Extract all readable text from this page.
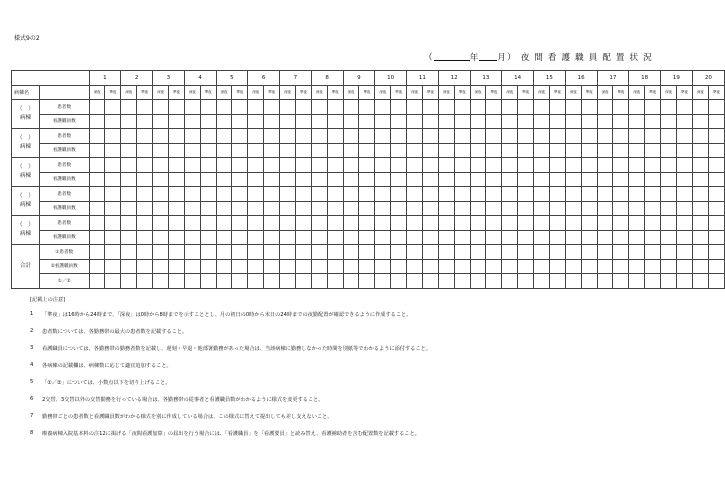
様式9の2
（	年 月） 夜 間 看 護 職 員 配 置 状 況
		1		2		3		4		5		6		7		8		9		10		11		12		13		14		15		16		17		18		19		20	
病棟名		深夜	準夜	深夜	準夜	深夜	準夜	深夜	準夜	深夜	準夜	深夜	準夜	深夜	準夜	深夜	準夜	深夜	準夜	深夜	準夜	深夜	準夜	深夜	準夜	深夜	準夜	深夜	準夜	深夜	準夜	深夜	準夜	深夜	準夜	深夜	準夜	深夜	準夜	深夜	準夜

（　）
病棟	患者数																																								
	看護職員数																																								

（　）
病棟	患者数																																								
	看護職員数																																								

（　）
病棟	患者数																																								
	看護職員数																																								

（　）
病棟	患者数																																								
	看護職員数																																								

（　）
病棟	患者数																																								
	看護職員数																																								
合計	①患者数																																								
	②看護職員数																																								
	①／②																																								
[記載上の注意]
1 「準夜」は16時から24時まで、「深夜」は0時から8時までを示すこととし、月の初日の0時から末日の24時までの夜勤配置が確認できるように作成すること。
2 患者数については、各勤務帯の最大の患者数を記載すること。
3 看護職員については、各勤務帯の勤務者数を記載し、遅刻・早退・他部署勤務があった場合は、当該病棟に勤務しなかった時間を別紙等でわかるように添付すること。
4 各病棟の記載欄は、病棟数に応じて適宜追加すること。
5 「①／②」については、小数点以下を切り上げること。
6 2交替、3交替以外の交替勤務を行っている場合は、各勤務帯の従事者と看護職員数がわかるように様式を変更すること。
7 勤務帯ごとの患者数と看護職員数がわかる様式を別に作成している場合は、この様式に替えて提出しても差し支えないこと。
8 療養病棟入院基本料の注12に掲げる「夜間看護加算」の届出を行う場合には、「看護職員」を「看護要員」と読み替え、看護補助者を含む配置数を記載すること。
